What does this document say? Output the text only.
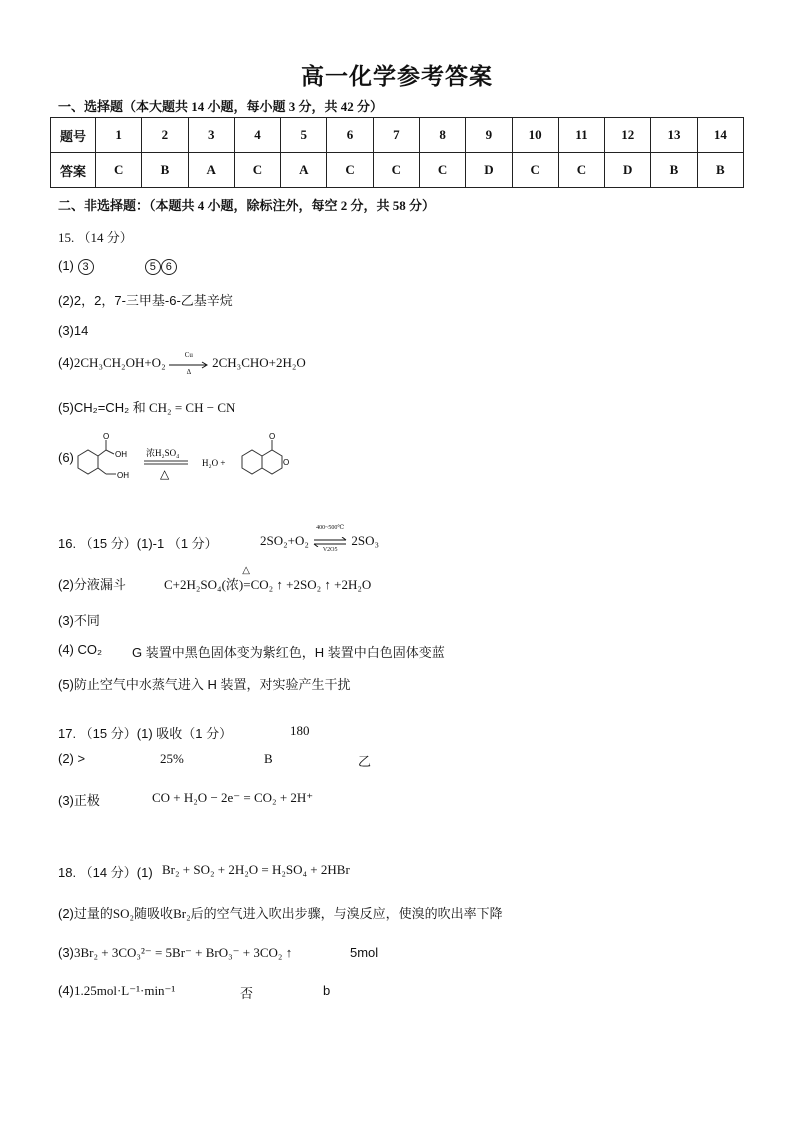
高一化学参考答案
一、选择题（本大题共 14 小题，每小题 3 分，共 42 分）
题号	1	2	3	4	5	6	7	8	9	10	11	12	13	14
答案	C	B	A	C	A	C	C	C	D	C	C	D	B	B
二、非选择题：（本题共 4 小题，除标注外，每空 2 分，共 58 分）
15. （14 分）
(1) 3	5 6
(2)2，2，7-三甲基-6-乙基辛烷
(3)14
(4)2CH₃CH₂OH+O₂	Cu
Δ
2CH₃CHO+2H₂O
(5)CH₂=CH₂ 和 CH₂ = CH − CN
(6)
O
OH
OH
浓H₂SO₄
△
H₂O +
O
O
16. （15 分）(1)-1 （1 分）	2SO₂+O₂
400~500℃
V2O5
2SO₃
(2)分液漏斗	C+2H₂SO₄(浓)=
△
CO₂ ↑ +2SO₂ ↑ +2H₂O
(3)不同
(4) CO₂ G 装置中黑色固体变为紫红色，H 装置中白色固体变蓝
(5)防止空气中水蒸气进入 H 装置，对实验产生干扰
17. （15 分）(1) 吸收（1 分）	180
(2) >	25%	B	乙
(3)正极	CO + H₂O − 2e⁻ = CO₂ + 2H⁺
18. （14 分）(1) Br₂ + SO₂ + 2H₂O = H₂SO₄ + 2HBr
(2)过量的SO₂随吸收Br₂后的空气进入吹出步骤，与溴反应，使溴的吹出率下降
(3) 3Br₂ + 3CO₃²⁻ = 5Br⁻ + BrO₃⁻ + 3CO₂ ↑	5mol
(4) 1.25mol·L⁻¹·min⁻¹	否	b
